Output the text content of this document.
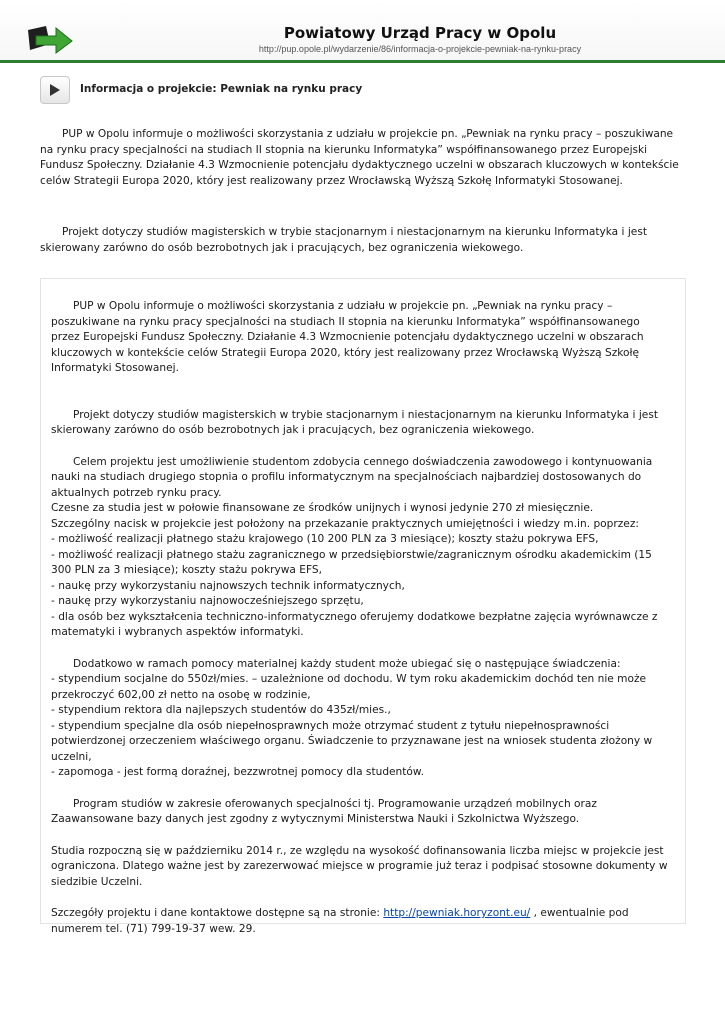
Powiatowy Urząd Pracy w Opolu
http://pup.opole.pl/wydarzenie/86/informacja-o-projekcie-pewniak-na-rynku-pracy
Informacja o projekcie: Pewniak na rynku pracy

PUP w Opolu informuje o możliwości skorzystania z udziału w projekcie pn. „Pewniak na rynku pracy – poszukiwane na rynku pracy specjalności na studiach II stopnia na kierunku Informatyka” współfinansowanego przez Europejski Fundusz Społeczny. Działanie 4.3 Wzmocnienie potencjału dydaktycznego uczelni w obszarach kluczowych w kontekście celów Strategii Europa 2020, który jest realizowany przez Wrocławską Wyższą Szkołę Informatyki Stosowanej.

Projekt dotyczy studiów magisterskich w trybie stacjonarnym i niestacjonarnym na kierunku Informatyka i jest skierowany zarówno do osób bezrobotnych jak i pracujących, bez ograniczenia wiekowego.

PUP w Opolu informuje o możliwości skorzystania z udziału w projekcie pn. „Pewniak na rynku pracy – poszukiwane na rynku pracy specjalności na studiach II stopnia na kierunku Informatyka” współfinansowanego przez Europejski Fundusz Społeczny. Działanie 4.3 Wzmocnienie potencjału dydaktycznego uczelni w obszarach kluczowych w kontekście celów Strategii Europa 2020, który jest realizowany przez Wrocławską Wyższą Szkołę Informatyki Stosowanej.

Projekt dotyczy studiów magisterskich w trybie stacjonarnym i niestacjonarnym na kierunku Informatyka i jest skierowany zarówno do osób bezrobotnych jak i pracujących, bez ograniczenia wiekowego.

Celem projektu jest umożliwienie studentom zdobycia cennego doświadczenia zawodowego i kontynuowania nauki na studiach drugiego stopnia o profilu informatycznym na specjalnościach najbardziej dostosowanych do aktualnych potrzeb rynku pracy.

Czesne za studia jest w połowie finansowane ze środków unijnych i wynosi jedynie 270 zł miesięcznie.

Szczególny nacisk w projekcie jest położony na przekazanie praktycznych umiejętności i wiedzy m.in. poprzez:

- możliwość realizacji płatnego stażu krajowego (10 200 PLN za 3 miesiące); koszty stażu pokrywa EFS,

- możliwość realizacji płatnego stażu zagranicznego w przedsiębiorstwie/zagranicznym ośrodku akademickim (15 300 PLN za 3 miesiące); koszty stażu pokrywa EFS,

- naukę przy wykorzystaniu najnowszych technik informatycznych,

- naukę przy wykorzystaniu najnowocześniejszego sprzętu,

- dla osób bez wykształcenia techniczno-informatycznego oferujemy dodatkowe bezpłatne zajęcia wyrównawcze z matematyki i wybranych aspektów informatyki.

Dodatkowo w ramach pomocy materialnej każdy student może ubiegać się o następujące świadczenia:

- stypendium socjalne do 550zł/mies. – uzależnione od dochodu. W tym roku akademickim dochód ten nie może przekroczyć 602,00 zł netto na osobę w rodzinie,

- stypendium rektora dla najlepszych studentów do 435zł/mies.,

- stypendium specjalne dla osób niepełnosprawnych może otrzymać student z tytułu niepełnosprawności potwierdzonej orzeczeniem właściwego organu. Świadczenie to przyznawane jest na wniosek studenta złożony w uczelni,

- zapomoga - jest formą doraźnej, bezzwrotnej pomocy dla studentów.

Program studiów w zakresie oferowanych specjalności tj. Programowanie urządzeń mobilnych oraz Zaawansowane bazy danych jest zgodny z wytycznymi Ministerstwa Nauki i Szkolnictwa Wyższego.

Studia rozpoczną się w październiku 2014 r., ze względu na wysokość dofinansowania liczba miejsc w projekcie jest ograniczona. Dlatego ważne jest by zarezerwować miejsce w programie już teraz i podpisać stosowne dokumenty w siedzibie Uczelni.

Szczegóły projektu i dane kontaktowe dostępne są na stronie: http://pewniak.horyzont.eu/ , ewentualnie pod numerem tel. (71) 799-19-37 wew. 29.
